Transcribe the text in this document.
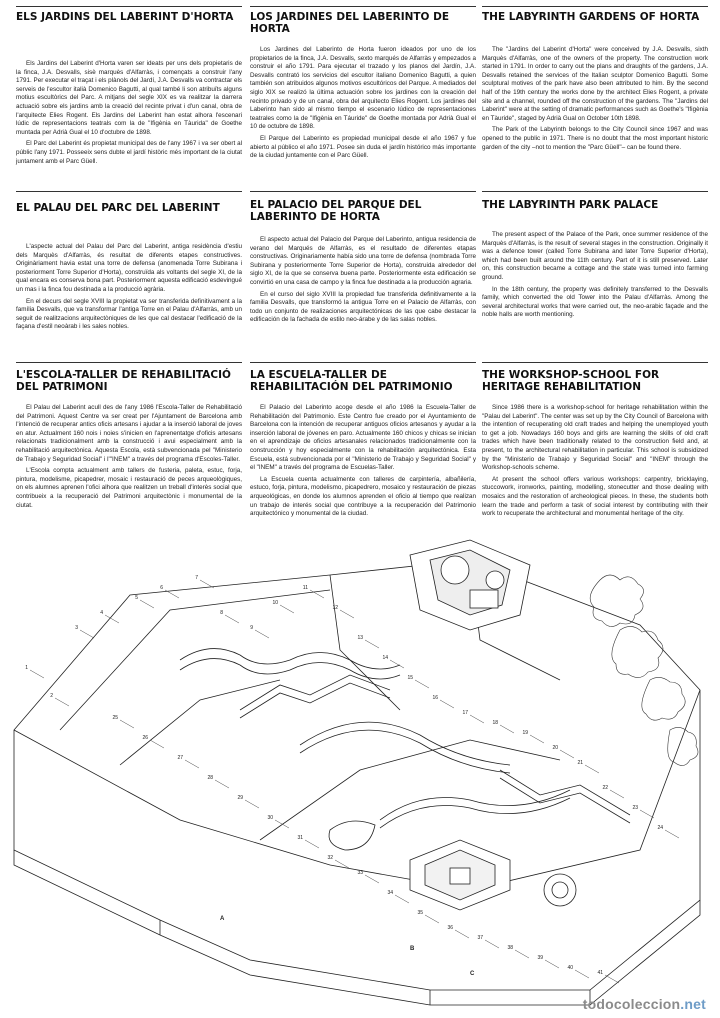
ELS JARDINS DEL LABERINT D'HORTA

Els Jardins del Laberint d'Horta varen ser ideats per uns dels propietaris de la finca, J.A. Desvalls, sisè marquès d'Alfarràs, i començats a construir l'any 1791. Per executar el traçat i els plànols del Jardí, J.A. Desvalls va contractar els serveis de l'escultor italià Domenico Bagutti, al qual també li son atribuïts alguns motius escultòrics del Parc. A mitjans del segle XIX es va realitzar la darrera actuació sobre els jardins amb la creació del recinte privat i d'un canal, obra de l'arquitecte Elies Rogent. Els Jardins del Laberint han estat alhora l'escenari lúdic de representacions teatrals com la de "Ifigènia en Tàurida" de Goethe muntada per Adrià Gual el 10 d'octubre de 1898.

El Parc del Laberint és propietat municipal des de l'any 1967 i va ser obert al públic l'any 1971. Posseeix sens dubte el jardí històric més important de la ciutat juntament amb el Parc Güell.

EL PALAU DEL PARC DEL LABERINT

L'aspecte actual del Palau del Parc del Laberint, antiga residència d'estiu dels Marquès d'Alfarràs, és resultat de diferents etapes constructives. Originàriament havia estat una torre de defensa (anomenada Torre Subirana i posteriorment Torre Superior d'Horta), construïda als voltants del segle XI, de la qual encara es conserva bona part. Posteriorment aquesta edificació esdevingué un mas i la finca fou destinada a la producció agrària.

En el decurs del segle XVIII la propietat va ser transferida definitivament a la família Desvalls, que va transformar l'antiga Torre en el Palau d'Alfarràs, amb un seguit de realitzacions arquitectòniques de les que cal destacar l'edificació de la façana d'estil neoàrab i les sales nobles.

L'ESCOLA-TALLER DE REHABILITACIÓ DEL PATRIMONI

El Palau del Laberint acull des de l'any 1986 l'Escola-Taller de Rehabilitació del Patrimoni. Aquest Centre va ser creat per l'Ajuntament de Barcelona amb l'intenció de recuperar antics oficis artesans i ajudar a la inserció laboral de joves en atur. Actualment 160 nois i noies s'inicien en l'aprenentatge d'oficis artesans relacionats tradicionalment amb la construcció i avui especialment amb la rehabilitació arquitectònica. Aquesta Escola, està subvencionada pel "Ministerio de Trabajo y Seguridad Social" i l'"INEM" a través del programa d'Escoles-Taller.

L'Escola compta actualment amb tallers de fusteria, paleta, estuc, forja, pintura, modelisme, picapedrer, mosaic i restauració de peces arqueològiques, on els alumnes aprenen l'ofici alhora que realitzen un treball d'interès social que contribueix a la recuperació del Patrimoni arquitectònic i monumental de la ciutat.

LOS JARDINES DEL LABERINTO DE HORTA

Los Jardines del Laberinto de Horta fueron ideados por uno de los propietarios de la finca, J.A. Desvalls, sexto marqués de Alfarràs y empezados a construir el año 1791. Para ejecutar el trazado y los planos del Jardín, J.A. Desvalls contrató los servicios del escultor italiano Domenico Bagutti, a quien también son atribuidos algunos motivos escultóricos del Parque. A mediados del siglo XIX se realizó la última actuación sobre los jardines con la creación del recinto privado y de un canal, obra del arquitecto Elies Rogent. Los jardines del Laberinto han sido al mismo tiempo el escenario lúdico de representaciones teatrales como la de "Ifigènia en Táuride" de Goethe montada por Adrià Gual el 10 de octubre de 1898.

El Parque del Laberinto es propiedad municipal desde el año 1967 y fue abierto al público el año 1971. Posee sin duda el jardín histórico más importante de la ciudad juntamente con el Parc Güell.

EL PALACIO DEL PARQUE DEL LABERINTO DE HORTA

El aspecto actual del Palacio del Parque del Laberinto, antigua residencia de verano del Marqués de Alfarràs, es el resultado de diferentes etapas constructivas. Originariamente había sido una torre de defensa (nombrada Torre Subirana y posteriormente Torre Superior de Horta), construida alrededor del siglo XI, de la que se conserva buena parte. Posteriormente esta edificación se convirtió en una casa de campo y la finca fue destinada a la producción agraria.

En el curso del siglo XVIII la propiedad fue transferida definitivamente a la familia Desvalls, que transformó la antigua Torre en el Palacio de Alfarràs, con todo un conjunto de realizaciones arquitectónicas de las que cabe destacar la edificación de la fachada de estilo neo-árabe y de las salas nobles.

LA ESCUELA-TALLER DE REHABILITACIÓN DEL PATRIMONIO

El Palacio del Laberinto acoge desde el año 1986 la Escuela-Taller de Rehabilitación del Patrimonio. Este Centro fue creado por el Ayuntamiento de Barcelona con la intención de recuperar antiguos oficios artesanos y ayudar a la inserción laboral de jóvenes en paro. Actualmente 160 chicos y chicas se inician en el aprendizaje de oficios artesanales relacionados tradicionalmente con la construcción y hoy especialmente con la rehabilitación arquitectónica. Esta Escuela, está subvencionada por el "Ministerio de Trabajo y Seguridad Social" y el "INEM" a través del programa de Escuelas-Taller.

La Escuela cuenta actualmente con talleres de carpintería, albañilería, estuco, forja, pintura, modelismo, picapedrero, mosaico y restauración de piezas arqueológicas, en donde los alumnos aprenden el oficio al tiempo que realizan un trabajo de interés social que contribuye a la recuperación del Patrimonio arquitectónico y monumental de la ciudad.

THE LABYRINTH GARDENS OF HORTA

The "Jardins del Laberint d'Horta" were conceived by J.A. Desvalls, sixth Marquès d'Alfarràs, one of the owners of the property. The construction work started in 1791. In order to carry out the plans and draughts of the gardens, J.A. Desvalls retained the services of the Italian sculptor Domenico Bagutti. Some sculptural motives of the park have also been attributed to him. By the second half of the 19th century the works done by the architect Elies Rogent, a private site and a channel, rounded off the construction of the gardens. The "Jardins del Laberint" were at the setting of dramatic performances such as Goethe's "Ifigènia en Tàuride", staged by Adrià Gual on October 10th 1898.

The Park of the Labyrinth belongs to the City Council since 1967 and was opened to the public in 1971. There is no doubt that the most important historic garden of the city –not to mention the "Parc Güell"– can be found there.

THE LABYRINTH PARK PALACE

The present aspect of the Palace of the Park, once summer residence of the Marquès d'Alfarràs, is the result of several stages in the construction. Originally it was a defence tower (called Torre Subirana and later Torre Superior d'Horta), which had been built around the 11th century. Part of it is still preserved. Later on, this construction became a cottage and the state was turned into farming ground.

In the 18th century, the property was definitely transferred to the Desvalls family, which converted the old Tower into the Palau d'Alfarràs. Among the several architectural works that were carried out, the neo-arabic façade and the noble halls are worth mentioning.

THE WORKSHOP-SCHOOL FOR HERITAGE REHABILITATION

Since 1986 there is a workshop-school for heritage rehabilitation within the "Palau del Laberint". The center was set up by the City Council of Barcelona with the intention of recuperating old craft trades and helping the unemployed youth to get a job. Nowadays 160 boys and girls are learning the skills of old craft trades which have been traditionally related to the construction field and, at present, to the architectural rehabilitation in particular. This school is subsidized by the "Ministerio de Trabajo y Seguridad Social" and "INEM" through the Workshop-schools scheme.

At present the school offers various workshops: carpentry, bricklaying, stuccowork, ironworks, painting, modelling, stonecutter and those dealing with mosaics and the restoration of archeological pieces. In these, the students both learn the trade and perform a task of social interest by contributing with their work to recuperate the architectural and monumental heritage of the city.

1
2
3
4
5
6
7
8
9
10
11
12
13
14
15
16
17
18
19
20
21
22
23
24
25
26
27
28
29
30
31
32
33
34
35
36
37
38
39
40
41
A
B
C
todocoleccion.net
